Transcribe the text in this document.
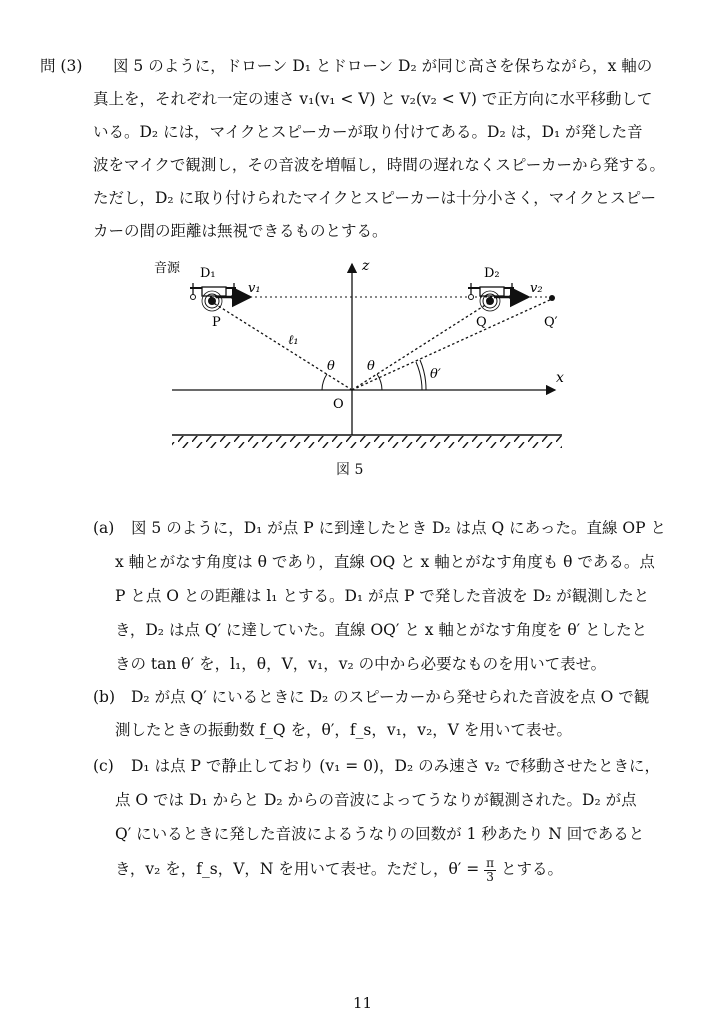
問 (3) 図 5 のように，ドローン D₁ とドローン D₂ が同じ高さを保ちながら，x 軸の
真上を，それぞれ一定の速さ v₁(v₁ < V) と v₂(v₂ < V) で正方向に水平移動して
いる。D₂ には，マイクとスピーカーが取り付けてある。D₂ は，D₁ が発した音
波をマイクで観測し，その音波を増幅し，時間の遅れなくスピーカーから発する。
ただし，D₂ に取り付けられたマイクとスピーカーは十分小さく，マイクとスピー
カーの間の距離は無視できるものとする。
音源 D₁
v₁
D₂
v₂
z
x
P	Q	Q′
O
ℓ₁
θ θ
θ′
図 5
(a) 図 5 のように，D₁ が点 P に到達したとき D₂ は点 Q にあった。直線 OP と
x 軸とがなす角度は θ であり，直線 OQ と x 軸とがなす角度も θ である。点
P と点 O との距離は l₁ とする。D₁ が点 P で発した音波を D₂ が観測したと
き，D₂ は点 Q′ に達していた。直線 OQ′ と x 軸とがなす角度を θ′ としたと
きの tan θ′ を，l₁，θ，V，v₁，v₂ の中から必要なものを用いて表せ。
(b) D₂ が点 Q′ にいるときに D₂ のスピーカーから発せられた音波を点 O で観
測したときの振動数 f_Q を，θ′，f_s，v₁，v₂，V を用いて表せ。
(c) D₁ は点 P で静止しており (v₁ = 0)，D₂ のみ速さ v₂ で移動させたときに，
点 O では D₁ からと D₂ からの音波によってうなりが観測された。D₂ が点
Q′ にいるときに発した音波によるうなりの回数が 1 秒あたり N 回であると
き，v₂ を，f_s，V，N を用いて表せ。ただし，$\theta' = \frac{\pi}{3}$ とする。
11
